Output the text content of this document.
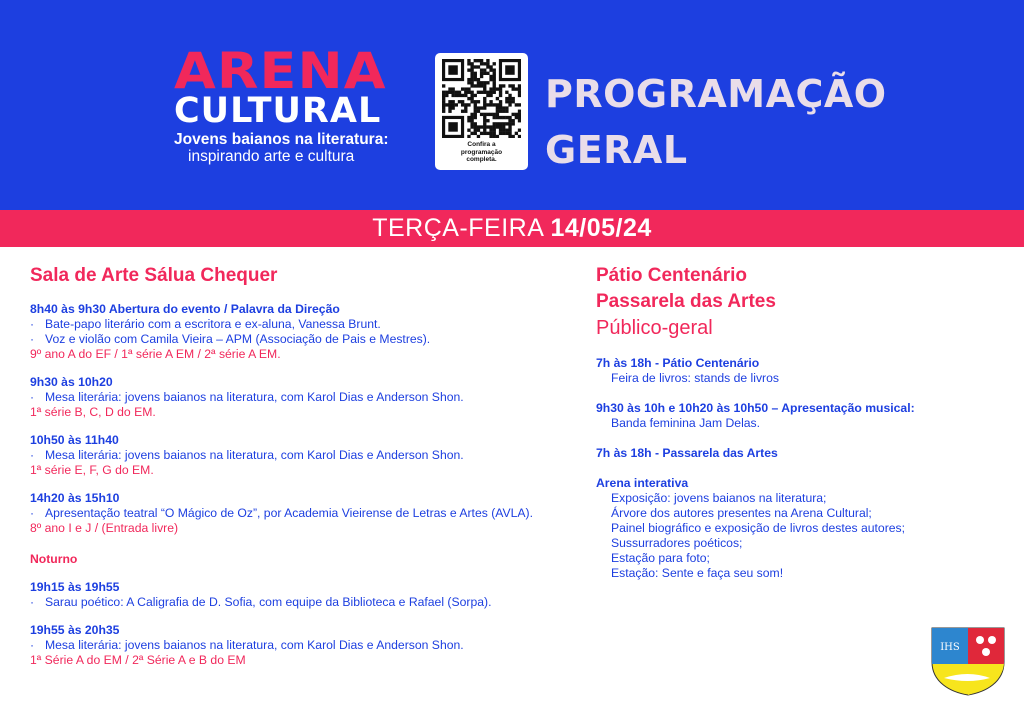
ARENA
CULTURAL
Jovens baianos na literatura:
inspirando arte e cultura
Confira a
programação
completa.
PROGRAMAÇÃO
GERAL
TERÇA-FEIRA 14/05/24
Sala de Arte Sálua Chequer
8h40 às 9h30 Abertura do evento / Palavra da Direção
· Bate-papo literário com a escritora e ex-aluna, Vanessa Brunt.
· Voz e violão com Camila Vieira – APM (Associação de Pais e Mestres).
9º ano A do EF / 1ª série A EM / 2ª série A EM.
9h30 às 10h20
· Mesa literária: jovens baianos na literatura, com Karol Dias e Anderson Shon.
1ª série B, C, D do EM.
10h50 às 11h40
· Mesa literária: jovens baianos na literatura, com Karol Dias e Anderson Shon.
1ª série E, F, G do EM.
14h20 às 15h10
· Apresentação teatral “O Mágico de Oz”, por Academia Vieirense de Letras e Artes (AVLA).
8º ano I e J / (Entrada livre)
Noturno
19h15 às 19h55
· Sarau poético: A Caligrafia de D. Sofia, com equipe da Biblioteca e Rafael (Sorpa).
19h55 às 20h35
· Mesa literária: jovens baianos na literatura, com Karol Dias e Anderson Shon.
1ª Série A do EM / 2ª Série A e B do EM
Pátio Centenário
Passarela das Artes
Público-geral
7h às 18h - Pátio Centenário
Feira de livros: stands de livros
9h30 às 10h e 10h20 às 10h50 – Apresentação musical:
Banda feminina Jam Delas.
7h às 18h - Passarela das Artes
Arena interativa
Exposição: jovens baianos na literatura;
Árvore dos autores presentes na Arena Cultural;
Painel biográfico e exposição de livros destes autores;
Sussurradores poéticos;
Estação para foto;
Estação: Sente e faça seu som!
IHS
